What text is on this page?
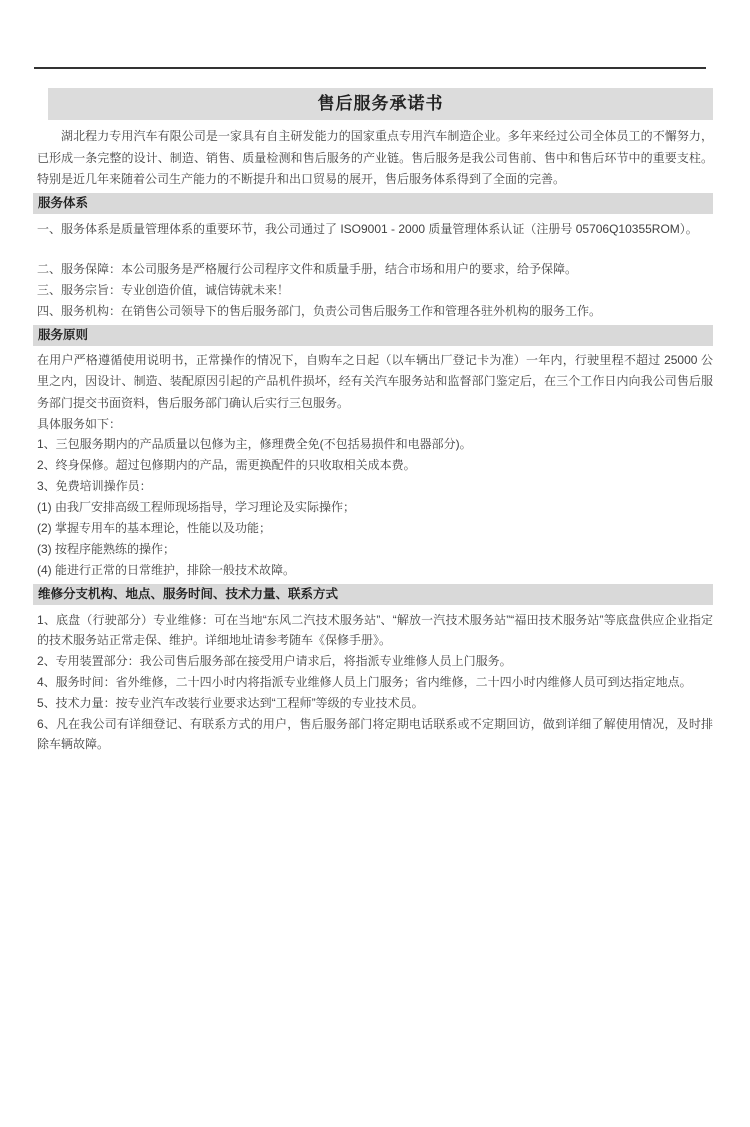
售后服务承诺书
湖北程力专用汽车有限公司是一家具有自主研发能力的国家重点专用汽车制造企业。多年来经过公司全体员工的不懈努力，已形成一条完整的设计、制造、销售、质量检测和售后服务的产业链。售后服务是我公司售前、售中和售后环节中的重要支柱。特别是近几年来随着公司生产能力的不断提升和出口贸易的展开，售后服务体系得到了全面的完善。
服务体系
一、服务体系是质量管理体系的重要环节，我公司通过了 ISO9001 - 2000 质量管理体系认证（注册号 05706Q10355ROM）。
二、服务保障：本公司服务是严格履行公司程序文件和质量手册，结合市场和用户的要求，给予保障。
三、服务宗旨：专业创造价值，诚信铸就未来！
四、服务机构：在销售公司领导下的售后服务部门，负责公司售后服务工作和管理各驻外机构的服务工作。
服务原则
在用户严格遵循使用说明书，正常操作的情况下，自购车之日起（以车辆出厂登记卡为准）一年内，行驶里程不超过 25000 公里之内，因设计、制造、装配原因引起的产品机件损坏，经有关汽车服务站和监督部门鉴定后，在三个工作日内向我公司售后服务部门提交书面资料，售后服务部门确认后实行三包服务。
具体服务如下：
1、三包服务期内的产品质量以包修为主，修理费全免(不包括易损件和电器部分)。
2、终身保修。超过包修期内的产品，需更换配件的只收取相关成本费。
3、免费培训操作员：
(1) 由我厂安排高级工程师现场指导，学习理论及实际操作；
(2) 掌握专用车的基本理论，性能以及功能；
(3) 按程序能熟练的操作；
(4) 能进行正常的日常维护，排除一般技术故障。
维修分支机构、地点、服务时间、技术力量、联系方式
1、底盘（行驶部分）专业维修：可在当地“东风二汽技术服务站”、“解放一汽技术服务站”“福田技术服务站”等底盘供应企业指定的技术服务站正常走保、维护。详细地址请参考随车《保修手册》。
2、专用装置部分：我公司售后服务部在接受用户请求后，将指派专业维修人员上门服务。
4、服务时间：省外维修，二十四小时内将指派专业维修人员上门服务；省内维修，二十四小时内维修人员可到达指定地点。
5、技术力量：按专业汽车改装行业要求达到“工程师”等级的专业技术员。
6、凡在我公司有详细登记、有联系方式的用户，售后服务部门将定期电话联系或不定期回访，做到详细了解使用情况，及时排除车辆故障。
